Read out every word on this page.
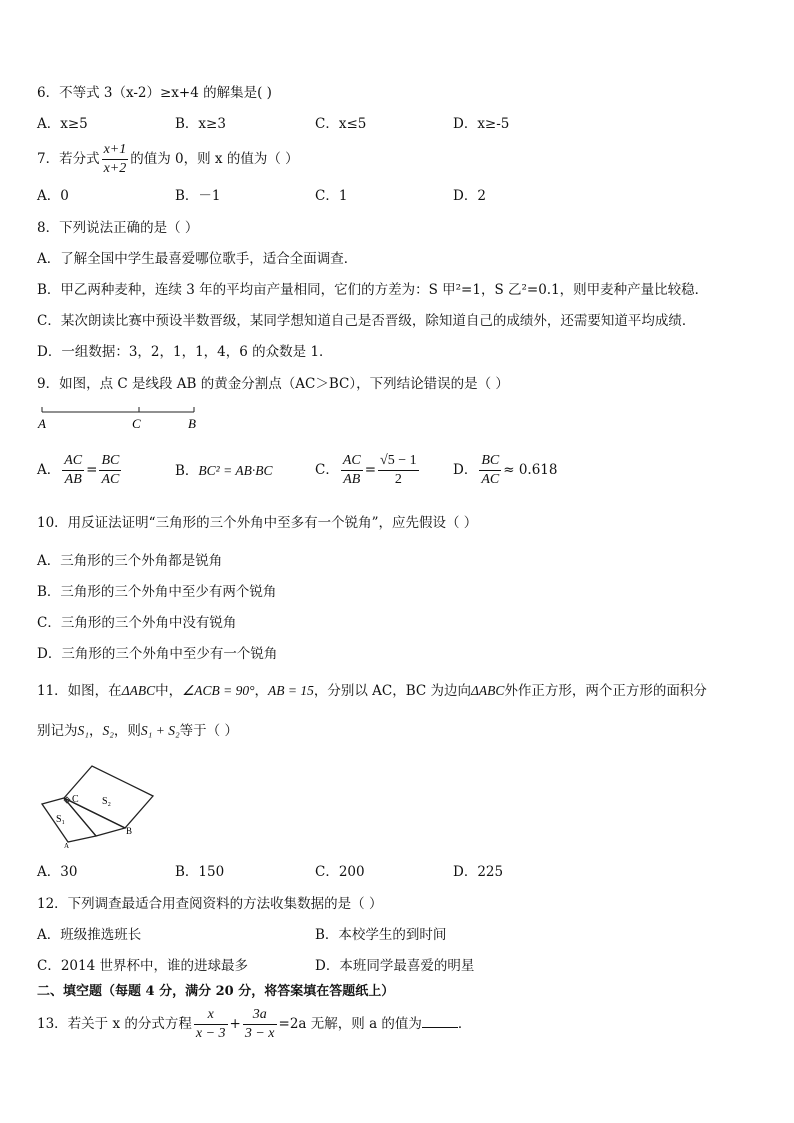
6．不等式 3（x-2）≥x+4 的解集是( )
A．x≥5	B．x≥3	C．x≤5	D．x≥-5
7．若分式 $\frac{x+1}{x+2}$ 的值为 0，则 x 的值为（ ）
A．0	B．－1	C．1	D．2
8．下列说法正确的是（ ）
A．了解全国中学生最喜爱哪位歌手，适合全面调查．
B．甲乙两种麦种，连续 3 年的平均亩产量相同，它们的方差为：S 甲²=1，S 乙²=0.1，则甲麦种产量比较稳．
C．某次朗读比赛中预设半数晋级，某同学想知道自己是否晋级，除知道自己的成绩外，还需要知道平均成绩．
D．一组数据：3，2，1，1，4，6 的众数是 1．
9．如图，点 C 是线段 AB 的黄金分割点（AC＞BC），下列结论错误的是（ ）
A	C	B
A． $\frac{AC}{AB} = \frac{BC}{AC}$	B．BC² = AB·BC	C． $\frac{AC}{AB} = \frac{√5 - 1}{2}$	D． $\frac{BC}{AC} \approx 0.618$
10．用反证法证明“三角形的三个外角中至多有一个锐角”，应先假设（ ）
A．三角形的三个外角都是锐角
B．三角形的三个外角中至少有两个锐角
C．三角形的三个外角中没有锐角
D．三角形的三个外角中至少有一个锐角
11．如图，在ΔABC中，∠ACB = 90°，AB = 15，分别以 AC，BC 为边向ΔABC外作正方形，两个正方形的面积分
别记为S₁，S₂，则S₁ + S₂等于（ ）
C S₂
S₁
B
A
A．30	B．150	C．200	D．225
12．下列调查最适合用查阅资料的方法收集数据的是（ ）
A．班级推选班长	B．本校学生的到时间
C．2014 世界杯中，谁的进球最多	D．本班同学最喜爱的明星
二、填空题（每题 4 分，满分 20 分，将答案填在答题纸上）
13．若关于 x 的分式方程 $\frac{x}{x - 3} + \frac{3a}{3 - x} =2a$ 无解，则 a 的值为	．
